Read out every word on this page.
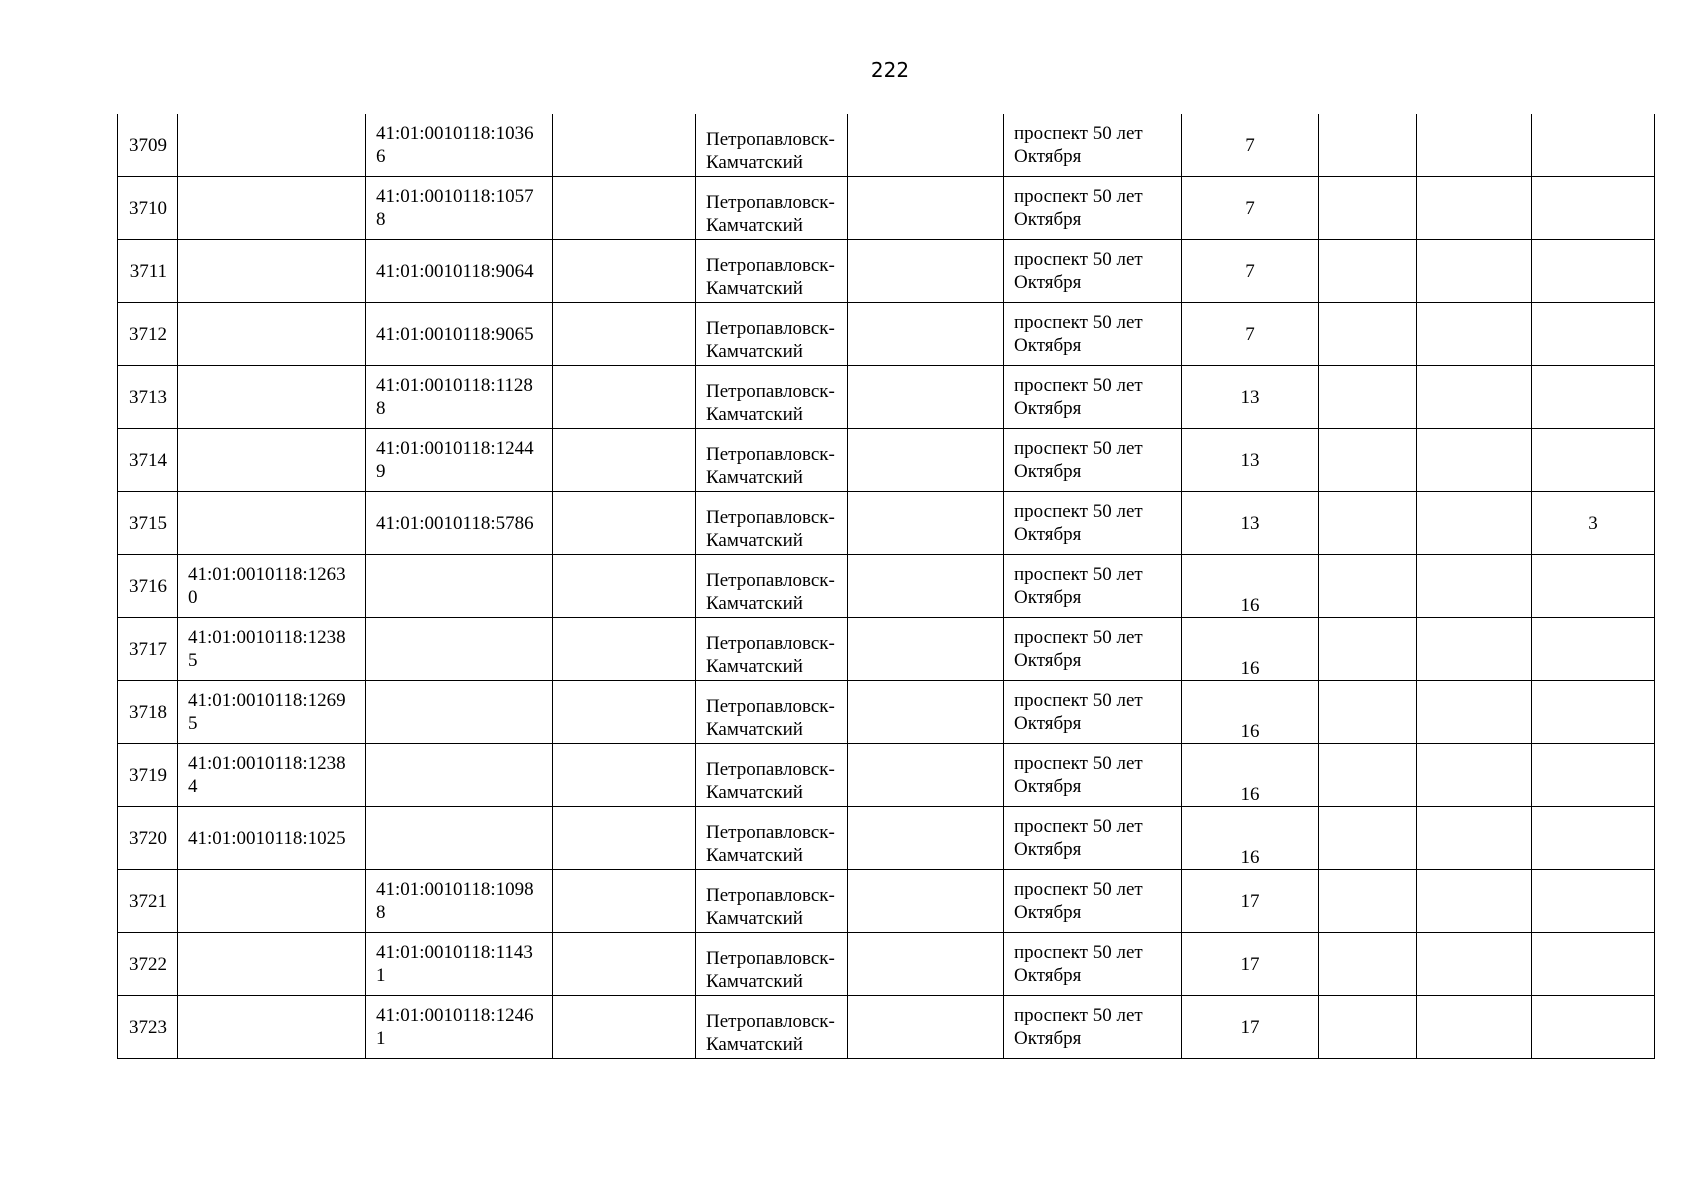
222
3709		41:01:0010118:10366		Петропавловск-Камчатский		проспект 50 лет Октября	7			

3710		41:01:0010118:10578		Петропавловск-Камчатский		проспект 50 лет Октября	7			

3711		41:01:0010118:9064		Петропавловск-Камчатский		проспект 50 лет Октября	7			

3712		41:01:0010118:9065		Петропавловск-Камчатский		проспект 50 лет Октября	7			

3713		41:01:0010118:11288		Петропавловск-Камчатский		проспект 50 лет Октября	13			

3714		41:01:0010118:12449		Петропавловск-Камчатский		проспект 50 лет Октября	13			

3715		41:01:0010118:5786		Петропавловск-Камчатский		проспект 50 лет Октября	13			3

3716	41:01:0010118:12630			Петропавловск-Камчатский		проспект 50 лет Октября	16			

3717	41:01:0010118:12385			Петропавловск-Камчатский		проспект 50 лет Октября	16			

3718	41:01:0010118:12695			Петропавловск-Камчатский		проспект 50 лет Октября	16			

3719	41:01:0010118:12384			Петропавловск-Камчатский		проспект 50 лет Октября	16			

3720	41:01:0010118:1025			Петропавловск-Камчатский		проспект 50 лет Октября	16			

3721		41:01:0010118:10988		Петропавловск-Камчатский		проспект 50 лет Октября	17			

3722		41:01:0010118:11431		Петропавловск-Камчатский		проспект 50 лет Октября	17			

3723		41:01:0010118:12461		Петропавловск-Камчатский		проспект 50 лет Октября	17			
